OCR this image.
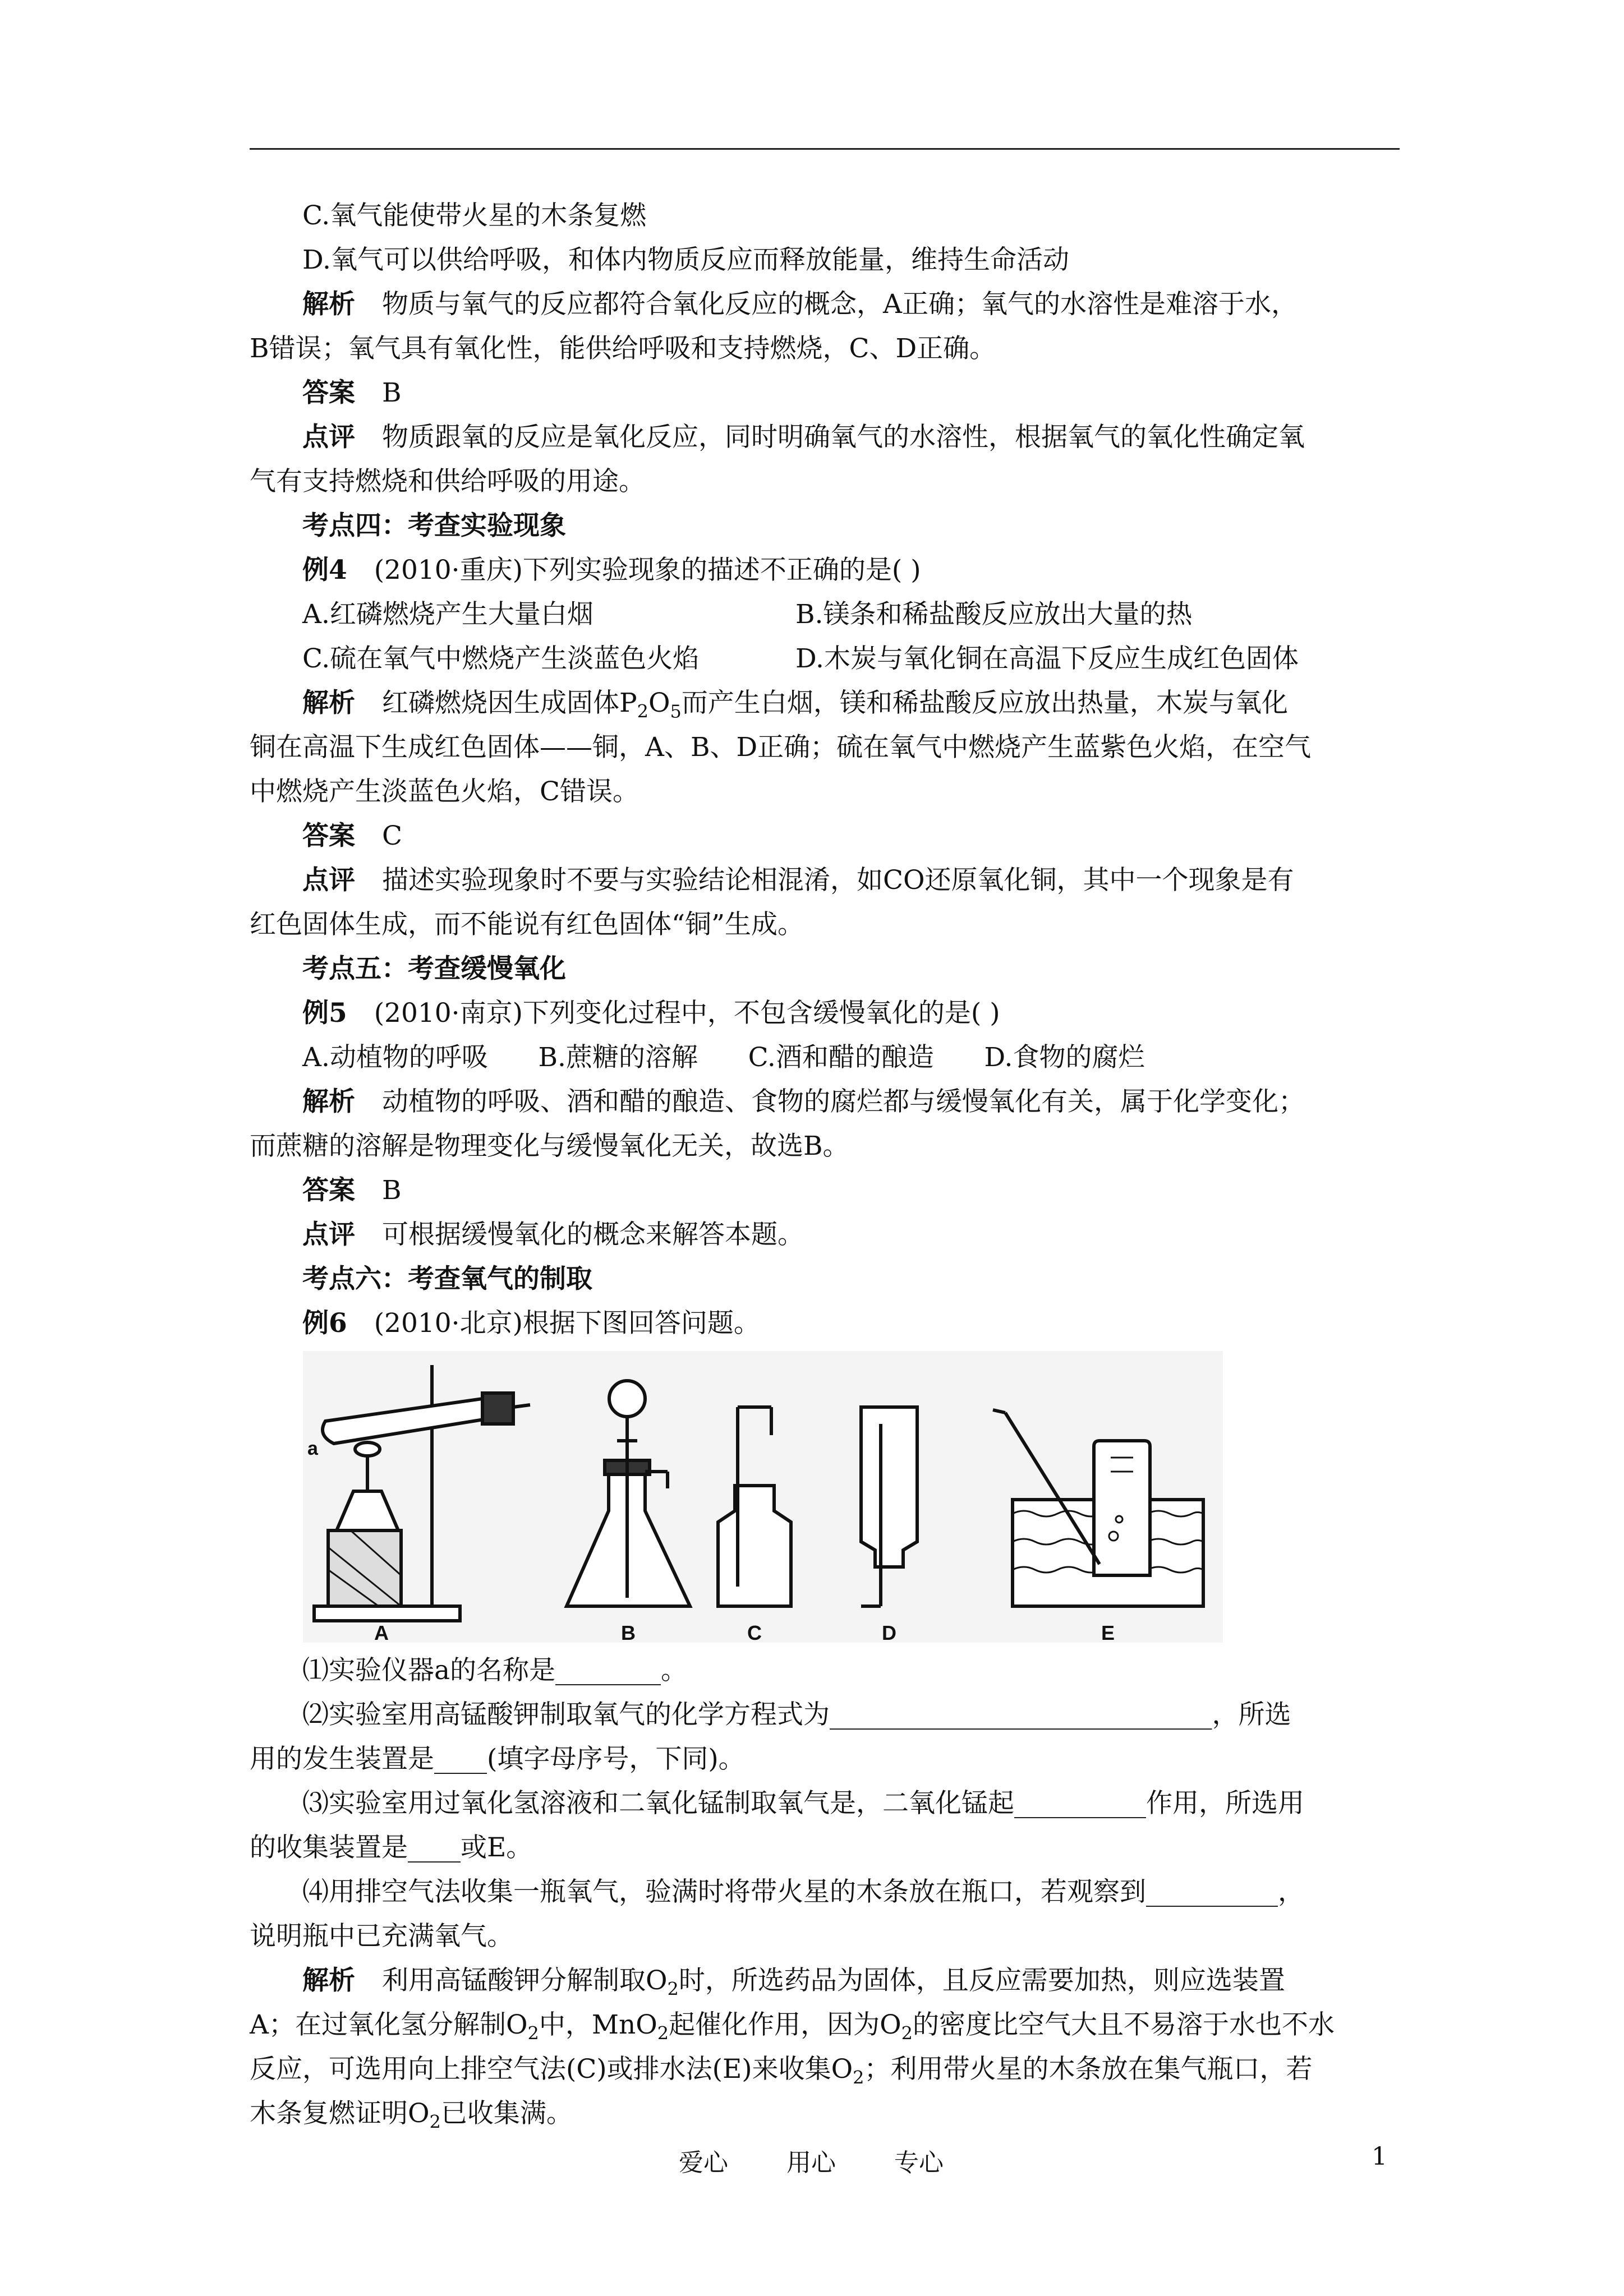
C.氧气能使带火星的木条复燃
D.氧气可以供给呼吸，和体内物质反应而释放能量，维持生命活动
解析 物质与氧气的反应都符合氧化反应的概念，A正确；氧气的水溶性是难溶于水，
B错误；氧气具有氧化性，能供给呼吸和支持燃烧，C、D正确。
答案 B
点评 物质跟氧的反应是氧化反应，同时明确氧气的水溶性，根据氧气的氧化性确定氧
气有支持燃烧和供给呼吸的用途。
考点四：考查实验现象
例4 (2010·重庆)下列实验现象的描述不正确的是( )
A.红磷燃烧产生大量白烟	B.镁条和稀盐酸反应放出大量的热
C.硫在氧气中燃烧产生淡蓝色火焰	D.木炭与氧化铜在高温下反应生成红色固体
解析 红磷燃烧因生成固体$P_2O_5$而产生白烟，镁和稀盐酸反应放出热量，木炭与氧化
铜在高温下生成红色固体——铜，A、B、D正确；硫在氧气中燃烧产生蓝紫色火焰，在空气
中燃烧产生淡蓝色火焰，C错误。
答案 C
点评 描述实验现象时不要与实验结论相混淆，如CO还原氧化铜，其中一个现象是有
红色固体生成，而不能说有红色固体“铜”生成。
考点五：考查缓慢氧化
例5 (2010·南京)下列变化过程中，不包含缓慢氧化的是( )
A.动植物的呼吸      B.蔗糖的溶解      C.酒和醋的酿造      D.食物的腐烂
解析 动植物的呼吸、酒和醋的酿造、食物的腐烂都与缓慢氧化有关，属于化学变化；
而蔗糖的溶解是物理变化与缓慢氧化无关，故选B。
答案 B
点评 可根据缓慢氧化的概念来解答本题。
考点六：考查氧气的制取
例6 (2010·北京)根据下图回答问题。
a
A	B	C	D	E
⑴实验仪器a的名称是________。
⑵实验室用高锰酸钾制取氧气的化学方程式为_____________________________，所选
用的发生装置是____(填字母序号，下同)。
⑶实验室用过氧化氢溶液和二氧化锰制取氧气是，二氧化锰起__________作用，所选用
的收集装置是____或E。
⑷用排空气法收集一瓶氧气，验满时将带火星的木条放在瓶口，若观察到__________，
说明瓶中已充满氧气。
解析 利用高锰酸钾分解制取$O_2$时，所选药品为固体，且反应需要加热，则应选装置
A；在过氧化氢分解制$O_2$中，MnO$_2$起催化作用，因为$O_2$的密度比空气大且不易溶于水也不水
反应，可选用向上排空气法(C)或排水法(E)来收集$O_2$；利用带火星的木条放在集气瓶口，若
木条复燃证明$O_2$已收集满。
爱心 用心 专心	1
